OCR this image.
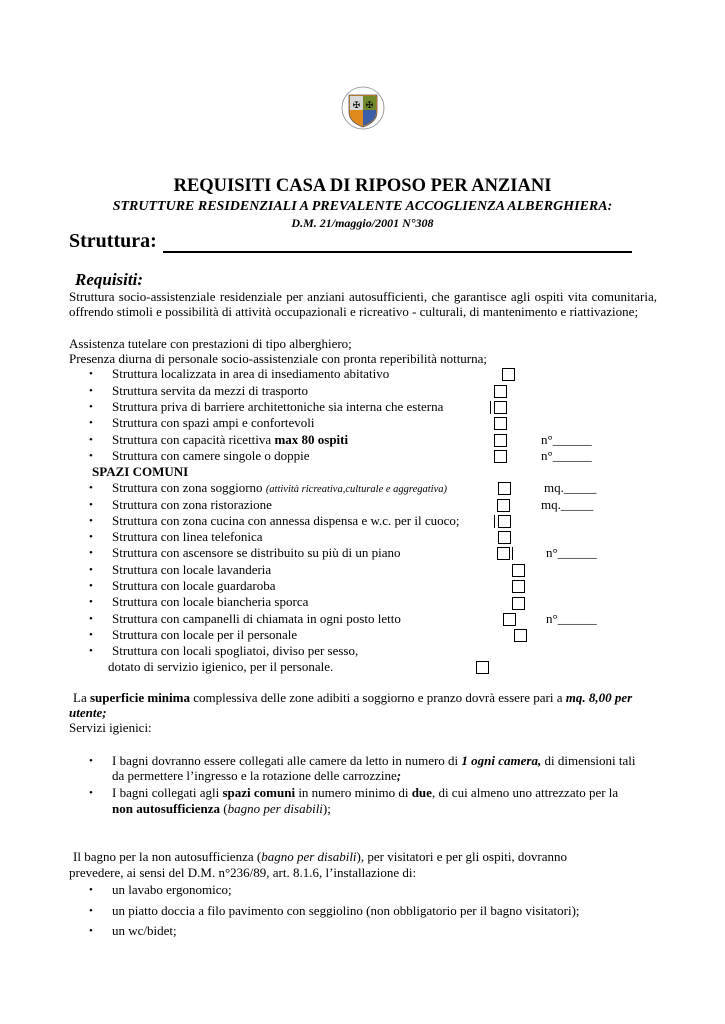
✠ ✠
REQUISITI CASA DI RIPOSO PER ANZIANI
STRUTTURE RESIDENZIALI A PREVALENTE ACCOGLIENZA ALBERGHIERA:
D.M. 21/maggio/2001 N°308
Struttura:
Requisiti:
Struttura socio-assistenziale residenziale per anziani autosufficienti, che garantisce agli ospiti vita comunitaria, offrendo stimoli e possibilità di attività occupazionali e ricreativo - culturali, di mantenimento e riattivazione;
Assistenza tutelare con prestazioni di tipo alberghiero;
Presenza diurna di personale socio-assistenziale con pronta reperibilità notturna;
• Struttura localizzata in area di insediamento abitativo
• Struttura servita da mezzi di trasporto
• Struttura priva di barriere architettoniche sia interna che esterna
• Struttura con spazi ampi e confortevoli
• Struttura con capacità ricettiva max 80 ospiti	n°______
• Struttura con camere singole o doppie	n°______
SPAZI COMUNI
• Struttura con zona soggiorno (attività ricreativa,culturale e aggregativa)	mq._____
• Struttura con zona ristorazione	mq._____
• Struttura con zona cucina con annessa dispensa e w.c. per il cuoco;
• Struttura con linea telefonica
• Struttura con ascensore se distribuito su più di un piano	n°______
• Struttura con locale lavanderia
• Struttura con locale guardaroba
• Struttura con locale biancheria sporca
• Struttura con campanelli di chiamata in ogni posto letto	n°______
• Struttura con locale per il personale
• Struttura con locali spogliatoi, diviso per sesso,
dotato di servizio igienico, per il personale.
La superficie minima complessiva delle zone adibiti a soggiorno e pranzo dovrà essere pari a mq. 8,00 per
utente;
Servizi igienici:
• I bagni dovranno essere collegati alle camere da letto in numero di 1 ogni camera, di dimensioni tali
da permettere l’ingresso e la rotazione delle carrozzine;
• I bagni collegati agli spazi comuni in numero minimo di due, di cui almeno uno attrezzato per la
non autosufficienza (bagno per disabili);
Il bagno per la non autosufficienza (bagno per disabili), per visitatori e per gli ospiti, dovranno
prevedere, ai sensi del D.M. n°236/89, art. 8.1.6, l’installazione di:
• un lavabo ergonomico;
• un piatto doccia a filo pavimento con seggiolino (non obbligatorio per il bagno visitatori);
• un wc/bidet;
